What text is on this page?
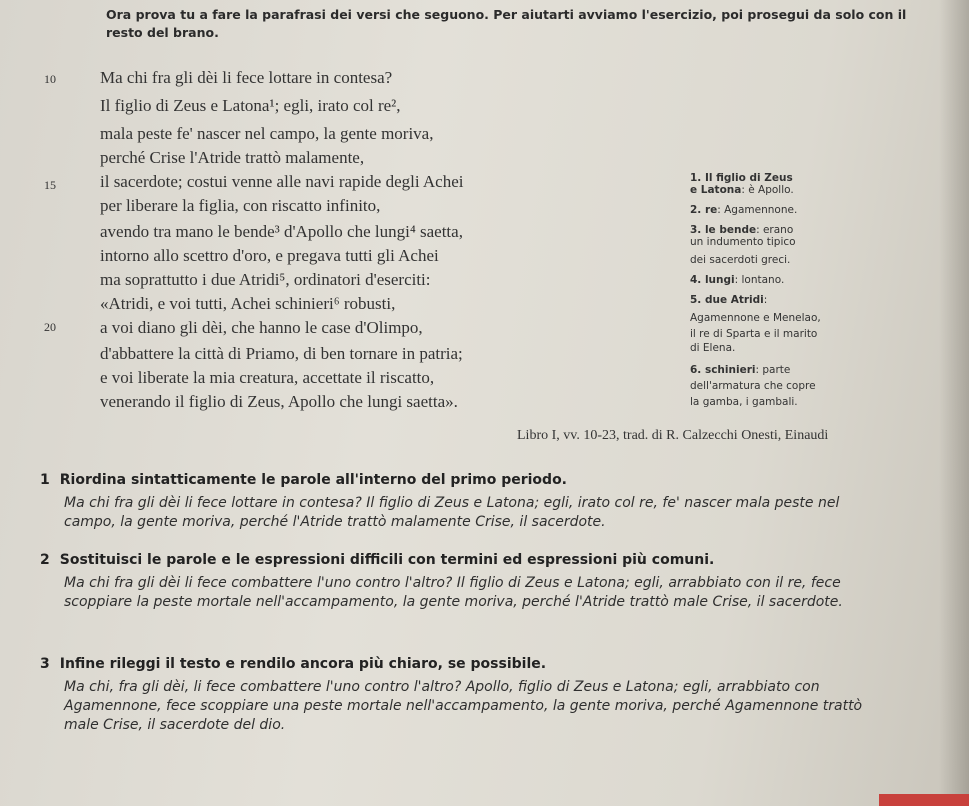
Ora prova tu a fare la parafrasi dei versi che seguono. Per aiutarti avviamo l'esercizio, poi prosegui da solo con il resto del brano.
10
15
20
Ma chi fra gli dèi li fece lottare in contesa?
Il figlio di Zeus e Latona¹; egli, irato col re²,
mala peste fe' nascer nel campo, la gente moriva,
perché Crise l'Atride trattò malamente,
il sacerdote; costui venne alle navi rapide degli Achei
per liberare la figlia, con riscatto infinito,
avendo tra mano le bende³ d'Apollo che lungi⁴ saetta,
intorno allo scettro d'oro, e pregava tutti gli Achei
ma soprattutto i due Atridi⁵, ordinatori d'eserciti:
«Atridi, e voi tutti, Achei schinieri⁶ robusti,
a voi diano gli dèi, che hanno le case d'Olimpo,
d'abbattere la città di Priamo, di ben tornare in patria;
e voi liberate la mia creatura, accettate il riscatto,
venerando il figlio di Zeus, Apollo che lungi saetta».
1. Il figlio di Zeus
e Latona: è Apollo.
2. re: Agamennone.
3. le bende: erano
un indumento tipico
dei sacerdoti greci.
4. lungi: lontano.
5. due Atridi:
Agamennone e Menelao,
il re di Sparta e il marito
di Elena.
6. schinieri: parte
dell'armatura che copre
la gamba, i gambali.
Libro I, vv. 10-23, trad. di R. Calzecchi Onesti, Einaudi
1 Riordina sintatticamente le parole all'interno del primo periodo.
Ma chi fra gli dèi li fece lottare in contesa? Il figlio di Zeus e Latona; egli, irato col re, fe' nascer mala peste nel campo, la gente moriva, perché l'Atride trattò malamente Crise, il sacerdote.
2 Sostituisci le parole e le espressioni difficili con termini ed espressioni più comuni.
Ma chi fra gli dèi li fece combattere l'uno contro l'altro? Il figlio di Zeus e Latona; egli, arrabbiato con il re, fece scoppiare la peste mortale nell'accampamento, la gente moriva, perché l'Atride trattò male Crise, il sacerdote.
3 Infine rileggi il testo e rendilo ancora più chiaro, se possibile.
Ma chi, fra gli dèi, li fece combattere l'uno contro l'altro? Apollo, figlio di Zeus e Latona; egli, arrabbiato con Agamennone, fece scoppiare una peste mortale nell'accampamento, la gente moriva, perché Agamennone trattò male Crise, il sacerdote del dio.
